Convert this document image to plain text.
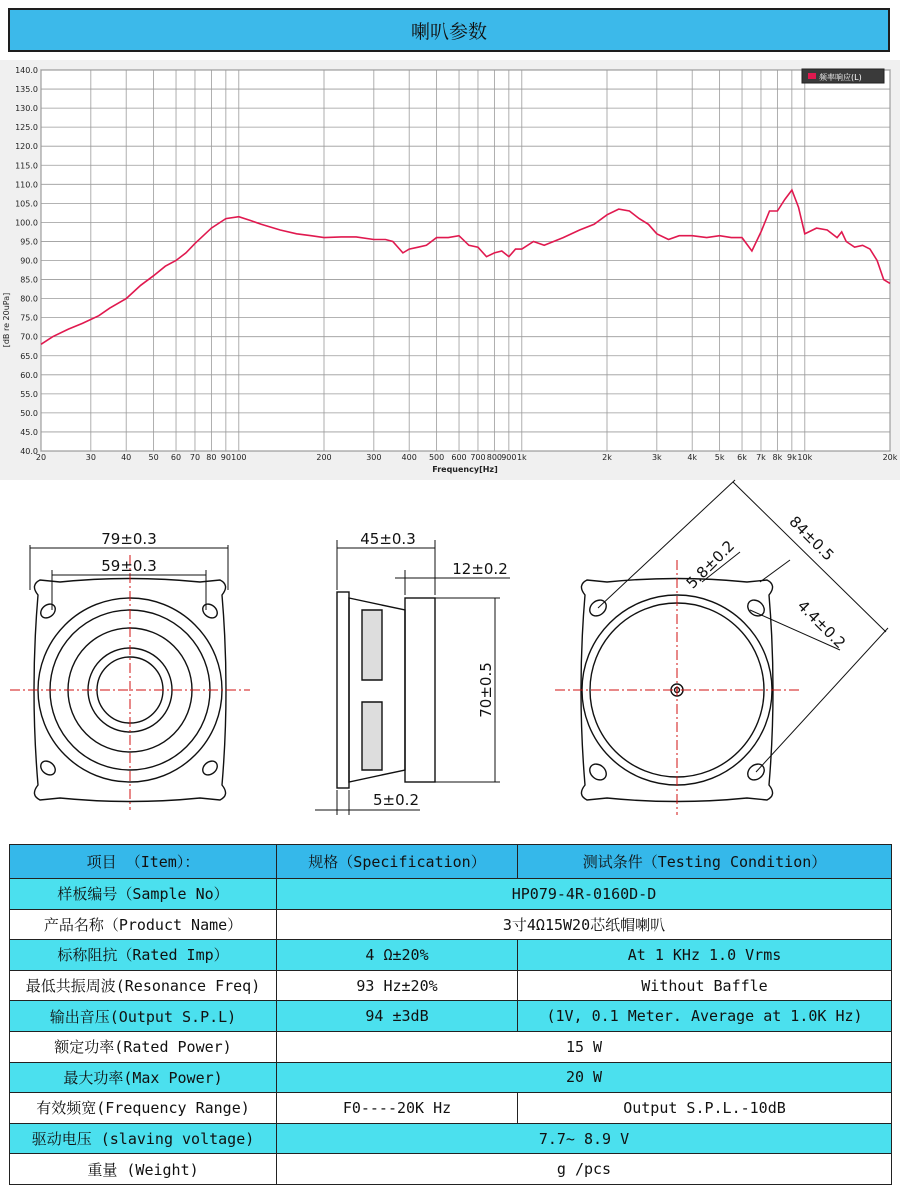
喇叭参数
40.0
45.0
50.0
55.0
60.0
65.0
70.0
75.0
80.0
85.0
90.0
95.0
100.0
105.0
110.0
115.0
120.0
125.0
130.0
135.0
140.0
20	30	40 50 60 70 80 90 100	200	300	400 500 600 700 800 900 1k	2k	3k	4k 5k 6k 7k 8k 9k 10k	20k
频率响应(L)
[dB re 20uPa]
Frequency[Hz]
79±0.3
59±0.3
45±0.3
12±0.2
70±0.5
5±0.2
84±0.5
5.8±0.2
4.4±0.2
项目 （Item）：	规格（Specification）	测试条件（Testing Condition）
样板编号（Sample No）	HP079-4R-0160D-D	
产品名称（Product Name）	3寸4Ω15W20芯纸帽喇叭	
标称阻抗（Rated Imp）	4 Ω±20%	At 1 KHz 1.0 Vrms
最低共振周波(Resonance Freq)	93 Hz±20%	Without Baffle
输出音压(Output S.P.L)	94 ±3dB	(1V, 0.1 Meter. Average at 1.0K Hz)
额定功率(Rated Power)	15 W	
最大功率(Max Power)	20 W	
有效频宽(Frequency Range)	F0----20K Hz	Output S.P.L.-10dB
驱动电压 (slaving voltage)	7.7~ 8.9 V	
重量 (Weight)	g /pcs	
